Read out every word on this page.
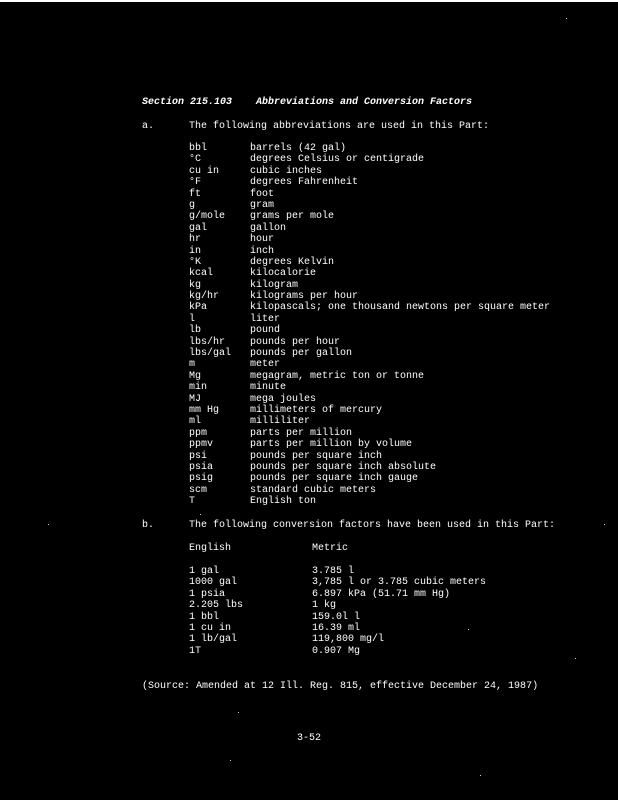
Section 215.103 Abbreviations and Conversion Factors
a.	The following abbreviations are used in this Part:
bbl	barrels (42 gal)
°C	degrees Celsius or centigrade
cu in	cubic inches
°F	degrees Fahrenheit
ft	foot
g	gram
g/mole	grams per mole
gal	gallon
hr	hour
in	inch
°K	degrees Kelvin
kcal	kilocalorie
kg	kilogram
kg/hr	kilograms per hour
kPa	kilopascals; one thousand newtons per square meter
l	liter
lb	pound
lbs/hr	pounds per hour
lbs/gal	pounds per gallon
m	meter
Mg	megagram, metric ton or tonne
min	minute
MJ	mega joules
mm Hg	millimeters of mercury
ml	milliliter
ppm	parts per million
ppmv	parts per million by volume
psi	pounds per square inch
psia	pounds per square inch absolute
psig	pounds per square inch gauge
scm	standard cubic meters
T	English ton
b.	The following conversion factors have been used in this Part:
English	Metric
1 gal	3.785 l
1000 gal	3,785 l or 3.785 cubic meters
1 psia	6.897 kPa (51.71 mm Hg)
2.205 lbs	1 kg
1 bbl	159.0l l
1 cu in	16.39 ml
1 lb/gal	119,800 mg/l
1T	0.907 Mg
(Source: Amended at 12 Ill. Reg. 815, effective December 24, 1987)
3-52
